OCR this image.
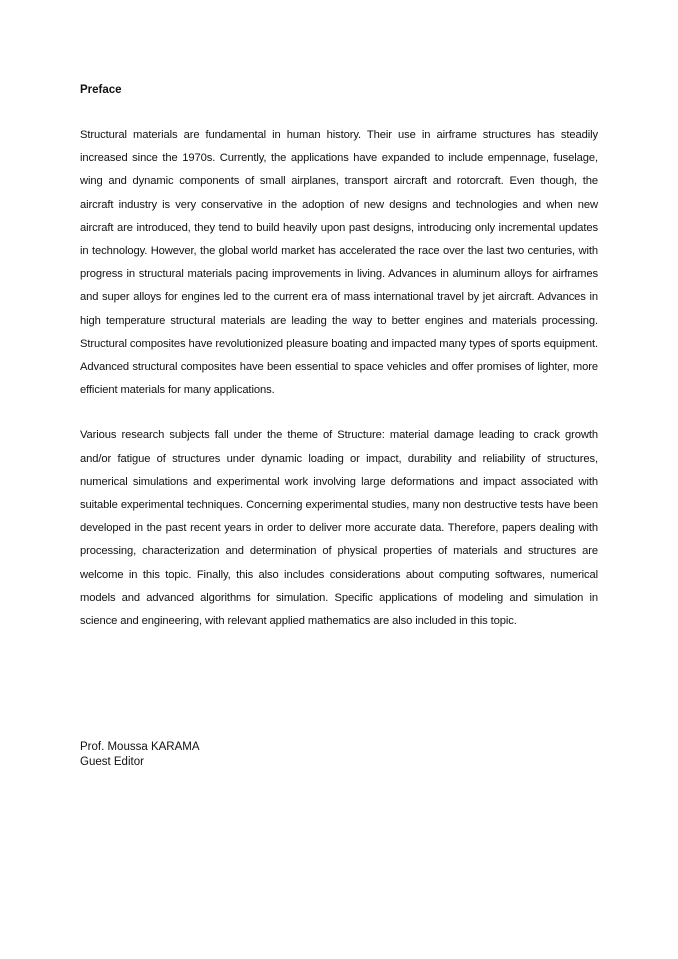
Preface

Structural materials are fundamental in human history. Their use in airframe structures has steadily increased since the 1970s. Currently, the applications have expanded to include empennage, fuselage, wing and dynamic components of small airplanes, transport aircraft and rotorcraft. Even though, the aircraft industry is very conservative in the adoption of new designs and technologies and when new aircraft are introduced, they tend to build heavily upon past designs, introducing only incremental updates in technology. However, the global world market has accelerated the race over the last two centuries, with progress in structural materials pacing improvements in living. Advances in aluminum alloys for airframes and super alloys for engines led to the current era of mass international travel by jet aircraft. Advances in high temperature structural materials are leading the way to better engines and materials processing. Structural composites have revolutionized pleasure boating and impacted many types of sports equipment. Advanced structural composites have been essential to space vehicles and offer promises of lighter, more efficient materials for many applications.

Various research subjects fall under the theme of Structure: material damage leading to crack growth and/or fatigue of structures under dynamic loading or impact, durability and reliability of structures, numerical simulations and experimental work involving large deformations and impact associated with suitable experimental techniques. Concerning experimental studies, many non destructive tests have been developed in the past recent years in order to deliver more accurate data. Therefore, papers dealing with processing, characterization and determination of physical properties of materials and structures are welcome in this topic. Finally, this also includes considerations about computing softwares, numerical models and advanced algorithms for simulation. Specific applications of modeling and simulation in science and engineering, with relevant applied mathematics are also included in this topic.

Prof. Moussa KARAMA
Guest Editor
